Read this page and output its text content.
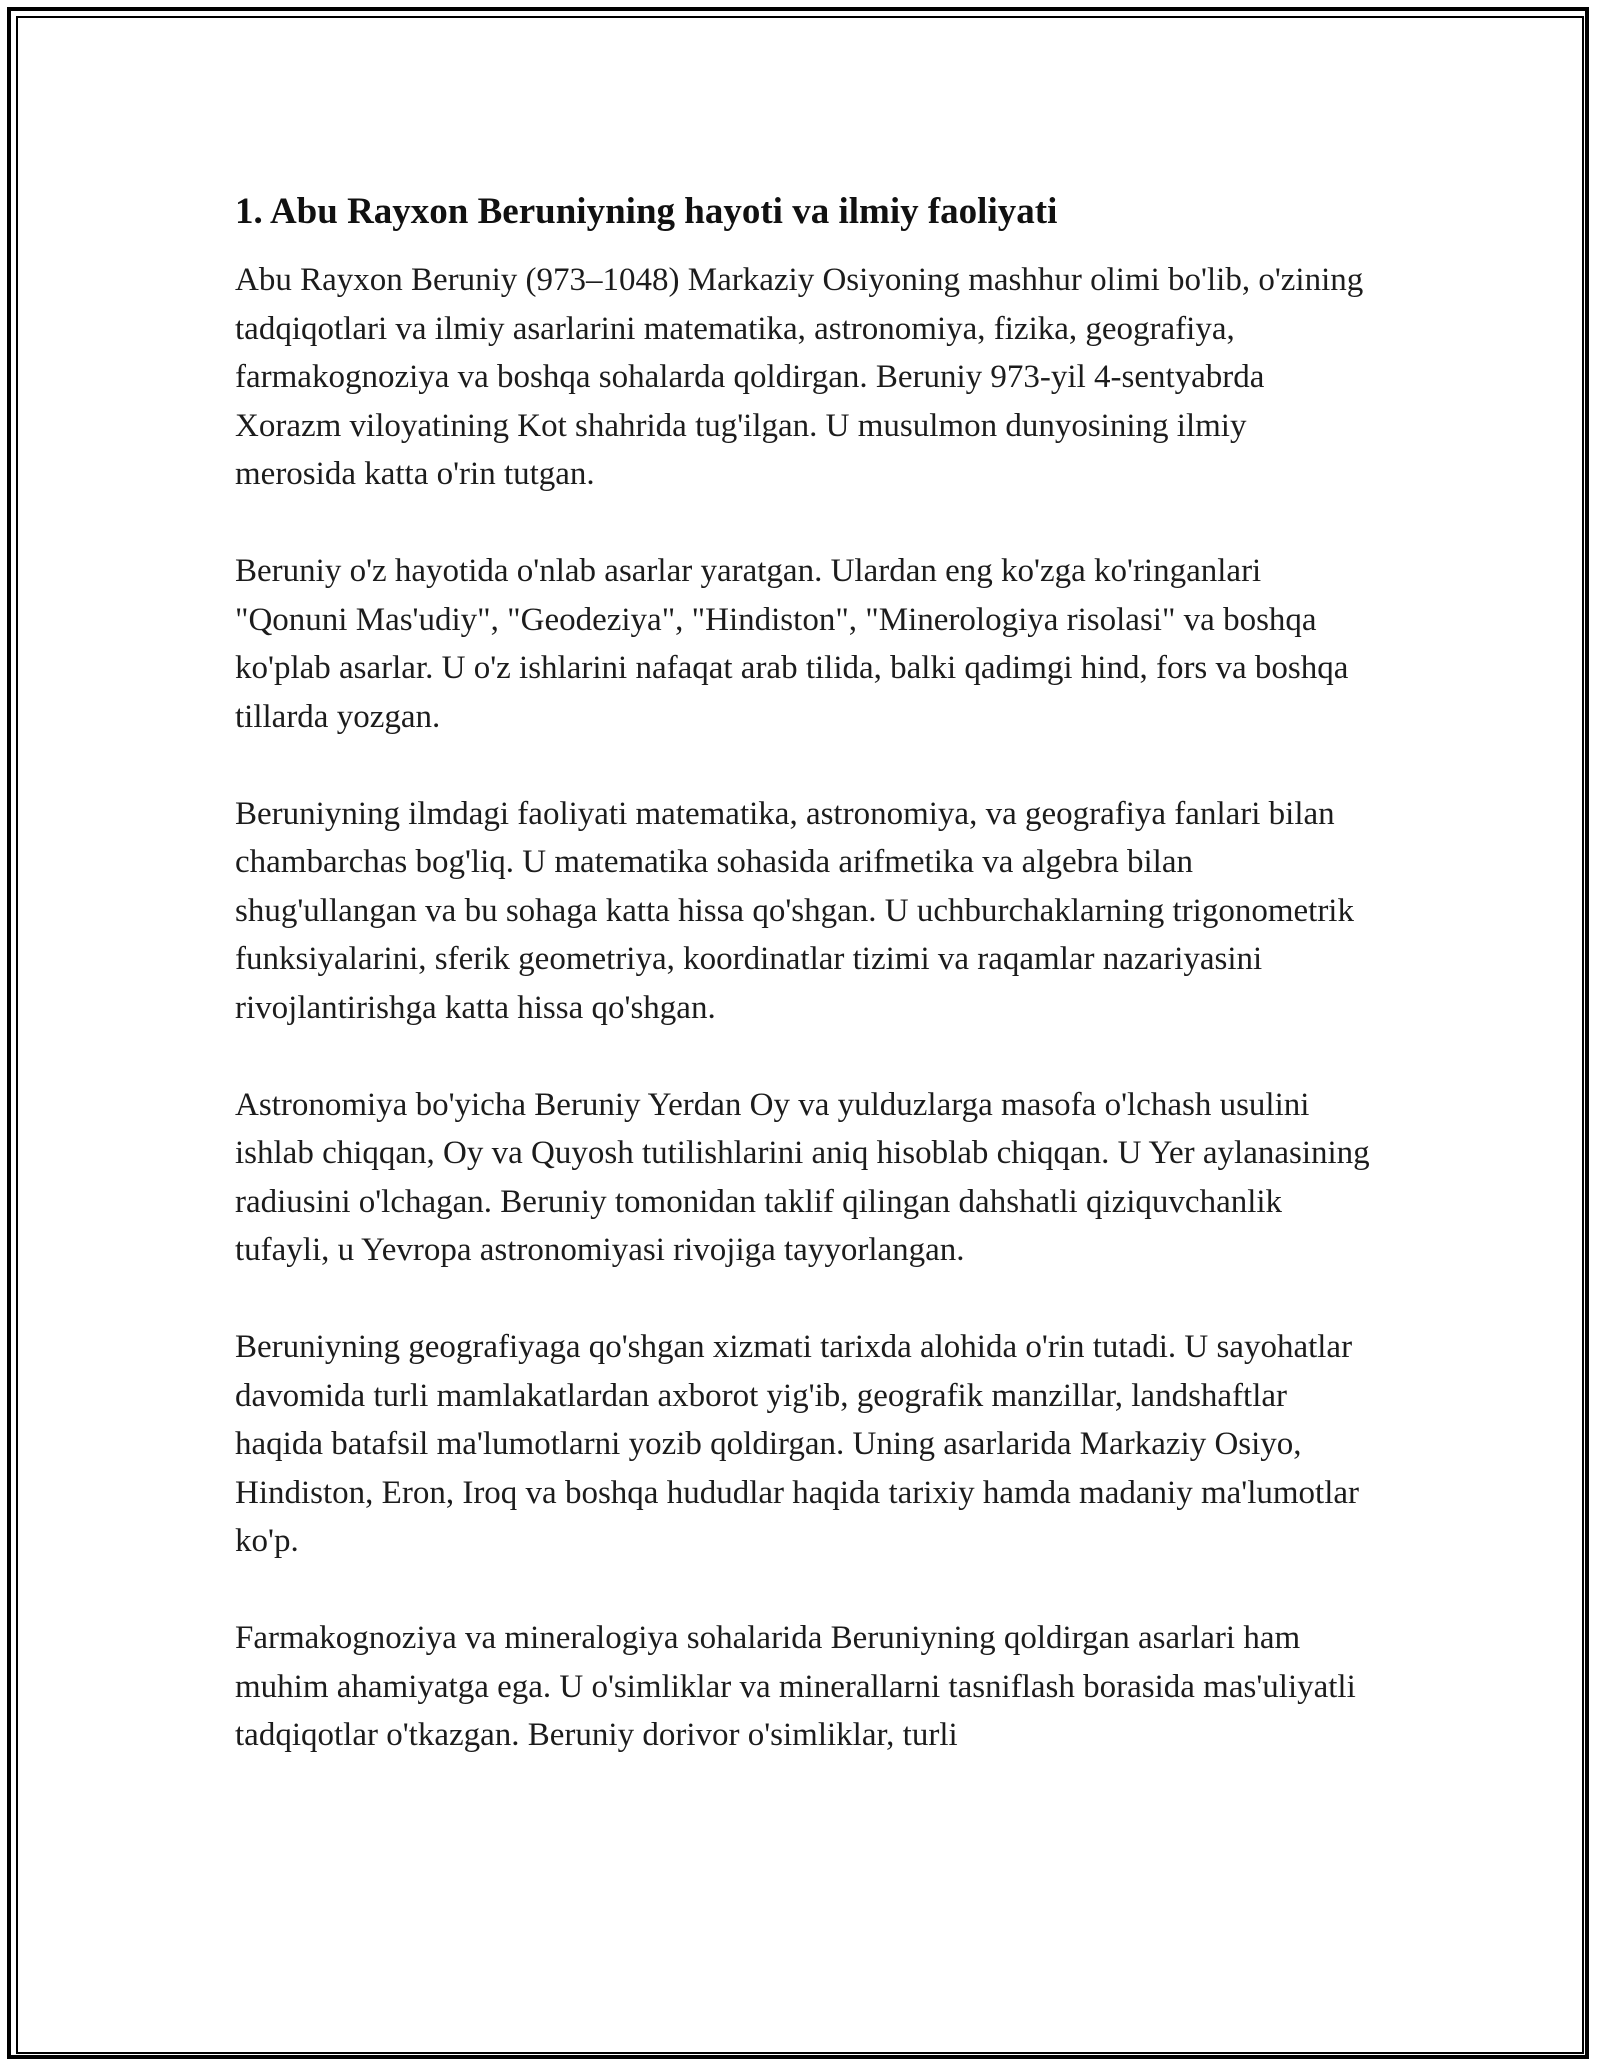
1. Abu Rayxon Beruniyning hayoti va ilmiy faoliyati

Abu Rayxon Beruniy (973–1048) Markaziy Osiyoning mashhur olimi bo'lib, o'zining tadqiqotlari va ilmiy asarlarini matematika, astronomiya, fizika, geografiya, farmakognoziya va boshqa sohalarda qoldirgan. Beruniy 973-yil 4-sentyabrda Xorazm viloyatining Kot shahrida tug'ilgan. U musulmon dunyosining ilmiy merosida katta o'rin tutgan.

Beruniy o'z hayotida o'nlab asarlar yaratgan. Ulardan eng ko'zga ko'ringanlari "Qonuni Mas'udiy", "Geodeziya", "Hindiston", "Minerologiya risolasi" va boshqa ko'plab asarlar. U o'z ishlarini nafaqat arab tilida, balki qadimgi hind, fors va boshqa tillarda yozgan.

Beruniyning ilmdagi faoliyati matematika, astronomiya, va geografiya fanlari bilan chambarchas bog'liq. U matematika sohasida arifmetika va algebra bilan shug'ullangan va bu sohaga katta hissa qo'shgan. U uchburchaklarning trigonometrik funksiyalarini, sferik geometriya, koordinatlar tizimi va raqamlar nazariyasini rivojlantirishga katta hissa qo'shgan.

Astronomiya bo'yicha Beruniy Yerdan Oy va yulduzlarga masofa o'lchash usulini ishlab chiqqan, Oy va Quyosh tutilishlarini aniq hisoblab chiqqan. U Yer aylanasining radiusini o'lchagan. Beruniy tomonidan taklif qilingan dahshatli qiziquvchanlik tufayli, u Yevropa astronomiyasi rivojiga tayyorlangan.

Beruniyning geografiyaga qo'shgan xizmati tarixda alohida o'rin tutadi. U sayohatlar davomida turli mamlakatlardan axborot yig'ib, geografik manzillar, landshaftlar haqida batafsil ma'lumotlarni yozib qoldirgan. Uning asarlarida Markaziy Osiyo, Hindiston, Eron, Iroq va boshqa hududlar haqida tarixiy hamda madaniy ma'lumotlar ko'p.

Farmakognoziya va mineralogiya sohalarida Beruniyning qoldirgan asarlari ham muhim ahamiyatga ega. U o'simliklar va minerallarni tasniflash borasida mas'uliyatli tadqiqotlar o'tkazgan. Beruniy dorivor o'simliklar, turli
